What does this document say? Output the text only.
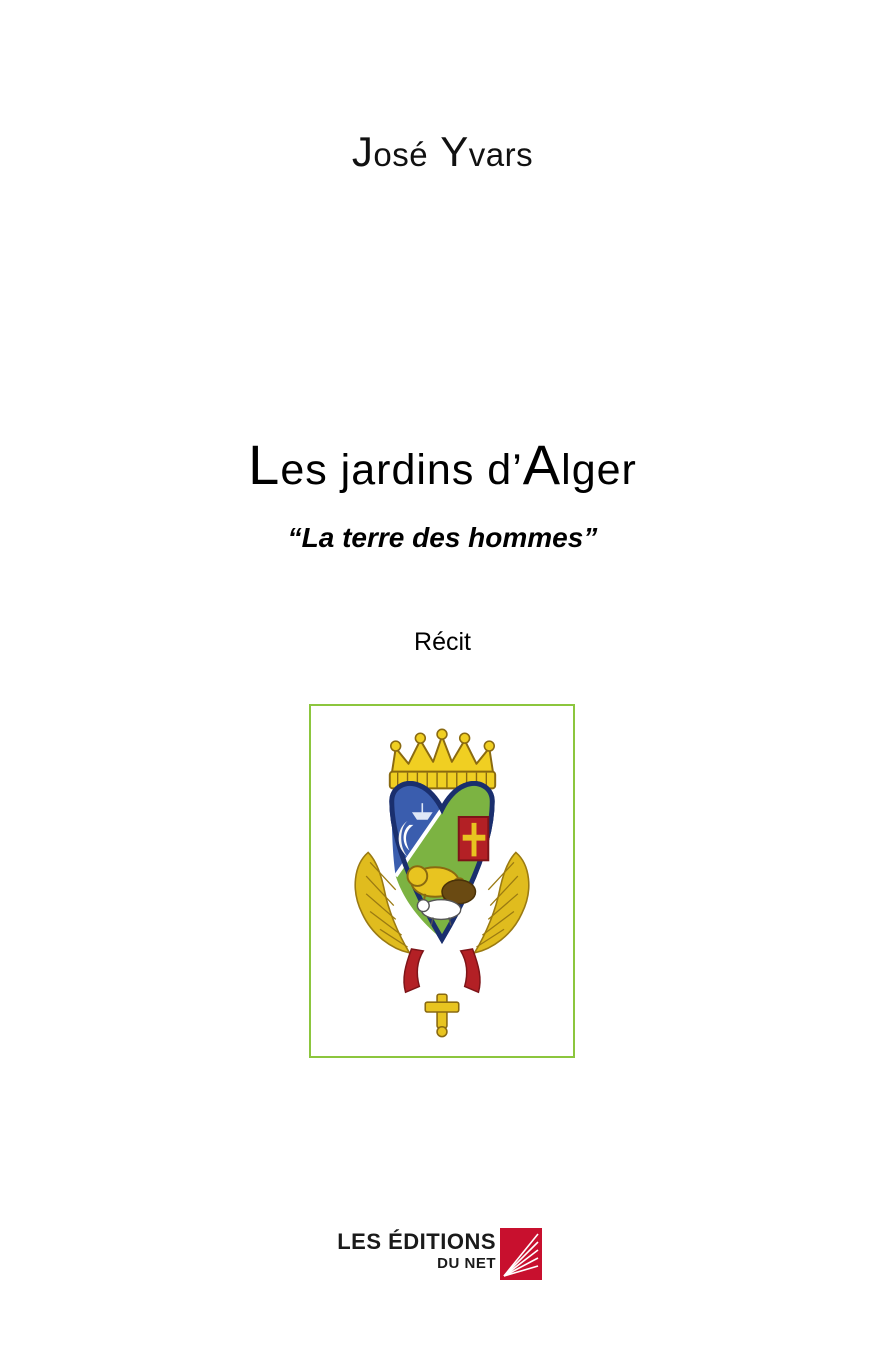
José Yvars
Les jardins d’Alger
“La terre des hommes”
Récit
LES ÉDITIONS
DU NET
